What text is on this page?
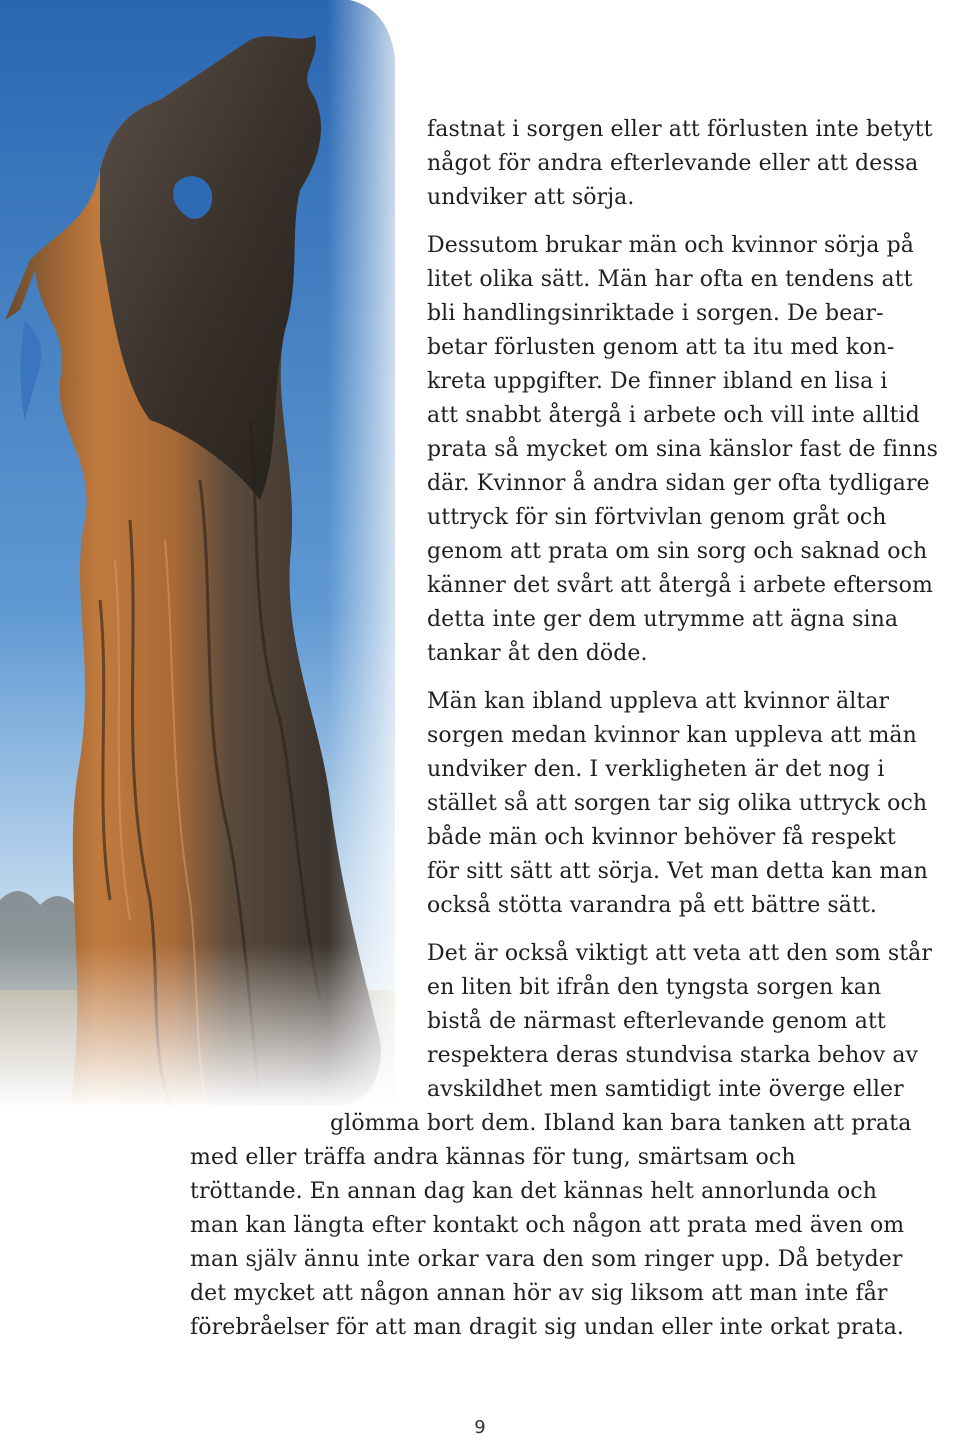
fastnat i sorgen eller att förlusten inte betytt
något för andra efterlevande eller att dessa
undviker att sörja.
Dessutom brukar män och kvinnor sörja på
litet olika sätt. Män har ofta en tendens att
bli handlingsinriktade i sorgen. De bear-
betar förlusten genom att ta itu med kon-
kreta uppgifter. De finner ibland en lisa i
att snabbt återgå i arbete och vill inte alltid
prata så mycket om sina känslor fast de finns
där. Kvinnor å andra sidan ger ofta tydligare
uttryck för sin förtvivlan genom gråt och
genom att prata om sin sorg och saknad och
känner det svårt att återgå i arbete eftersom
detta inte ger dem utrymme att ägna sina
tankar åt den döde.
Män kan ibland uppleva att kvinnor ältar
sorgen medan kvinnor kan uppleva att män
undviker den. I verkligheten är det nog i
stället så att sorgen tar sig olika uttryck och
både män och kvinnor behöver få respekt
för sitt sätt att sörja. Vet man detta kan man
också stötta varandra på ett bättre sätt.
Det är också viktigt att veta att den som står
en liten bit ifrån den tyngsta sorgen kan
bistå de närmast efterlevande genom att
respektera deras stundvisa starka behov av
avskildhet men samtidigt inte överge eller
glömma bort dem. Ibland kan bara tanken att prata
med eller träffa andra kännas för tung, smärtsam och
tröttande. En annan dag kan det kännas helt annorlunda och
man kan längta efter kontakt och någon att prata med även om
man själv ännu inte orkar vara den som ringer upp. Då betyder
det mycket att någon annan hör av sig liksom att man inte får
förebråelser för att man dragit sig undan eller inte orkat prata.
9
